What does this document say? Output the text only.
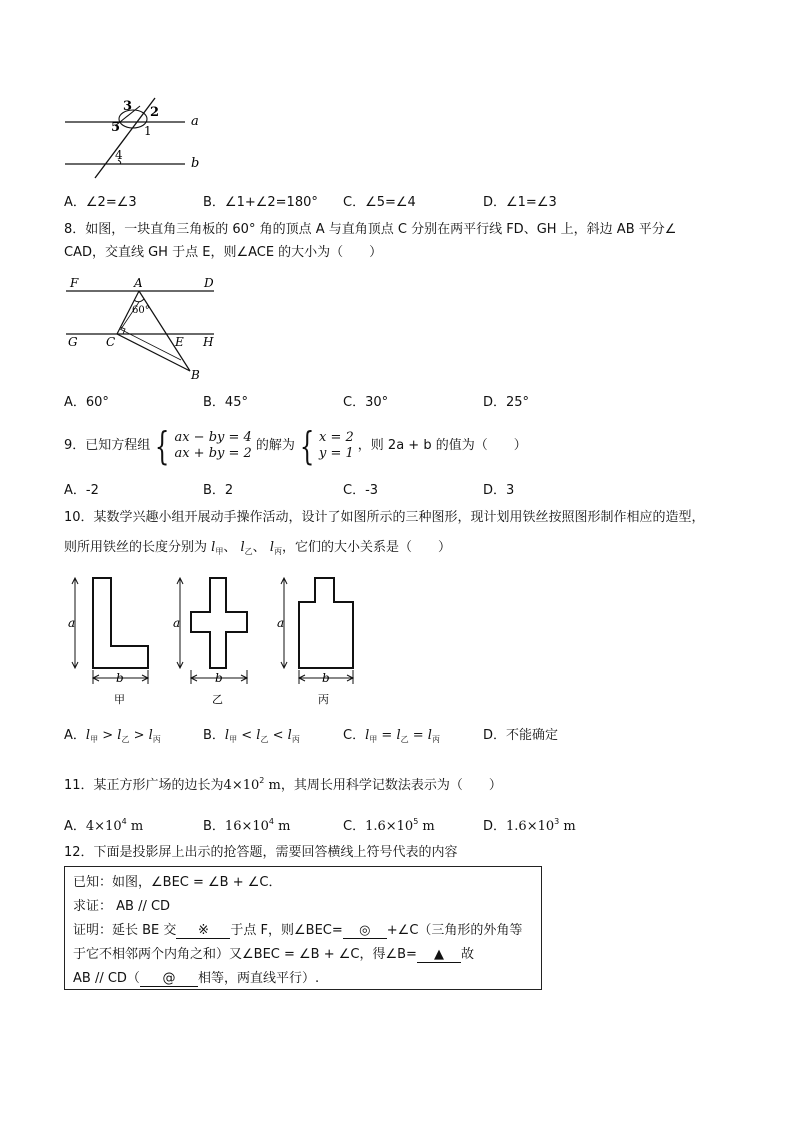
3 2
5 1
4
a
b
A．∠2=∠3	B．∠1+∠2=180° C．∠5=∠4	D．∠1=∠3
8．如图，一块直角三角板的 60° 角的顶点 A 与直角顶点 C 分别在两平行线 FD、GH 上，斜边 AB 平分∠
CAD，交直线 GH 于点 E，则∠ACE 的大小为（　　）
F	A	D
60°
G C	E H
B
A．60°	B．45°	C．30°	D．25°
9．已知方程组 { ax − by = 4
ax + by = 2 的解为 { x = 2
y = 1 ，则 2a + b 的值为（　　）
A．-2	B．2	C．-3	D．3
10．某数学兴趣小组开展动手操作活动，设计了如图所示的三种图形，现计划用铁丝按照图形制作相应的造型，
则所用铁丝的长度分别为 $l_甲$、 $l_乙$、 $l_丙$，它们的大小关系是（　　）
a
b
甲
a
b
乙
a
b
丙
A．$l_甲 > l_乙 > l_丙$	B．$l_甲 < l_乙 < l_丙$	C．$l_甲 = l_乙 = l_丙$	D．不能确定
11．某正方形广场的边长为$4\times 10^2$ m，其周长用科学记数法表示为（　　）
A．$4\times 10^4$ m	B．$16\times 10^4$ m	C．$1.6\times 10^5$ m	D．$1.6\times 10^3$ m
12．下面是投影屏上出示的抢答题，需要回答横线上符号代表的内容
已知：如图，∠BEC = ∠B + ∠C．
求证： AB // CD
证明：延长 BE 交 ※ 于点 F，则∠BEC= ◎ +∠C（三角形的外角等
于它不相邻两个内角之和）又∠BEC = ∠B + ∠C，得∠B= ▲ 故
AB // CD（ @ 相等，两直线平行）.
